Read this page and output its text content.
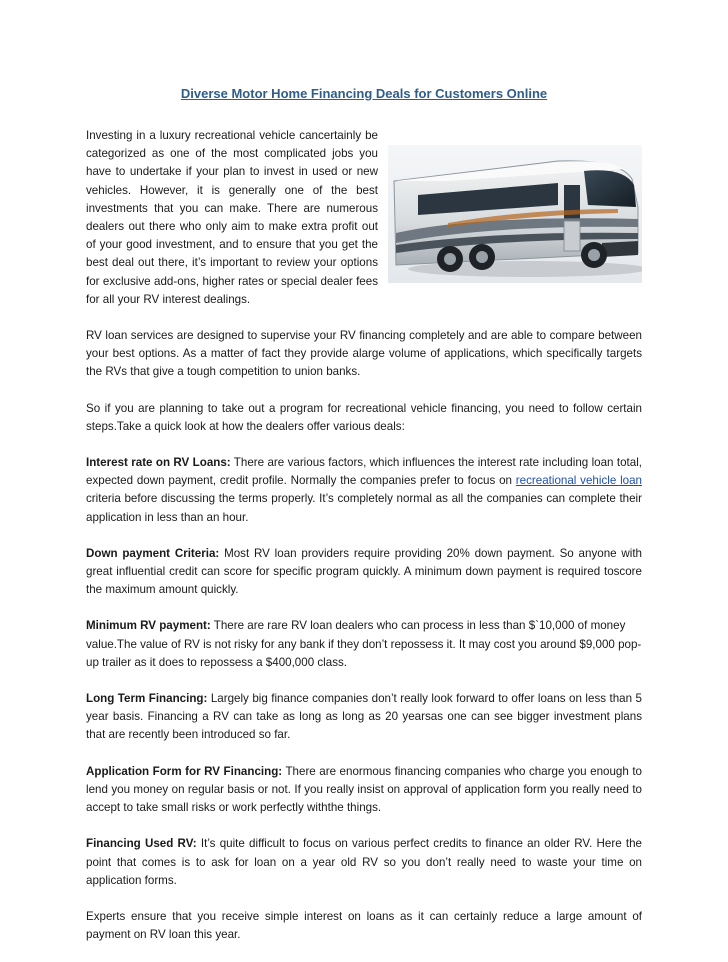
Diverse Motor Home Financing Deals for Customers Online

Investing in a luxury recreational vehicle cancertainly be categorized as one of the most complicated jobs you have to undertake if your plan to invest in used or new vehicles. However, it is generally one of the best investments that you can make. There are numerous dealers out there who only aim to make extra profit out of your good investment, and to ensure that you get the best deal out there, it’s important to review your options for exclusive add-ons, higher rates or special dealer fees for all your RV interest dealings.

RV loan services are designed to supervise your RV financing completely and are able to compare between your best options. As a matter of fact they provide alarge volume of applications, which specifically targets the RVs that give a tough competition to union banks.

So if you are planning to take out a program for recreational vehicle financing, you need to follow certain steps.Take a quick look at how the dealers offer various deals:

Interest rate on RV Loans: There are various factors, which influences the interest rate including loan total, expected down payment, credit profile. Normally the companies prefer to focus on recreational vehicle loan criteria before discussing the terms properly. It’s completely normal as all the companies can complete their application in less than an hour.

Down payment Criteria: Most RV loan providers require providing 20% down payment. So anyone with great influential credit can score for specific program quickly. A minimum down payment is required toscore the maximum amount quickly.

Minimum RV payment: There are rare RV loan dealers who can process in less than $`10,000 of money value.The value of RV is not risky for any bank if they don’t repossess it. It may cost you around $9,000 pop-up trailer as it does to repossess a $400,000 class.

Long Term Financing: Largely big finance companies don’t really look forward to offer loans on less than 5 year basis. Financing a RV can take as long as long as 20 yearsas one can see bigger investment plans that are recently been introduced so far.

Application Form for RV Financing: There are enormous financing companies who charge you enough to lend you money on regular basis or not. If you really insist on approval of application form you really need to accept to take small risks or work perfectly withthe things.

Financing Used RV: It’s quite difficult to focus on various perfect credits to finance an older RV. Here the point that comes is to ask for loan on a year old RV so you don’t really need to waste your time on application forms.

Experts ensure that you receive simple interest on loans as it can certainly reduce a large amount of payment on RV loan this year.
